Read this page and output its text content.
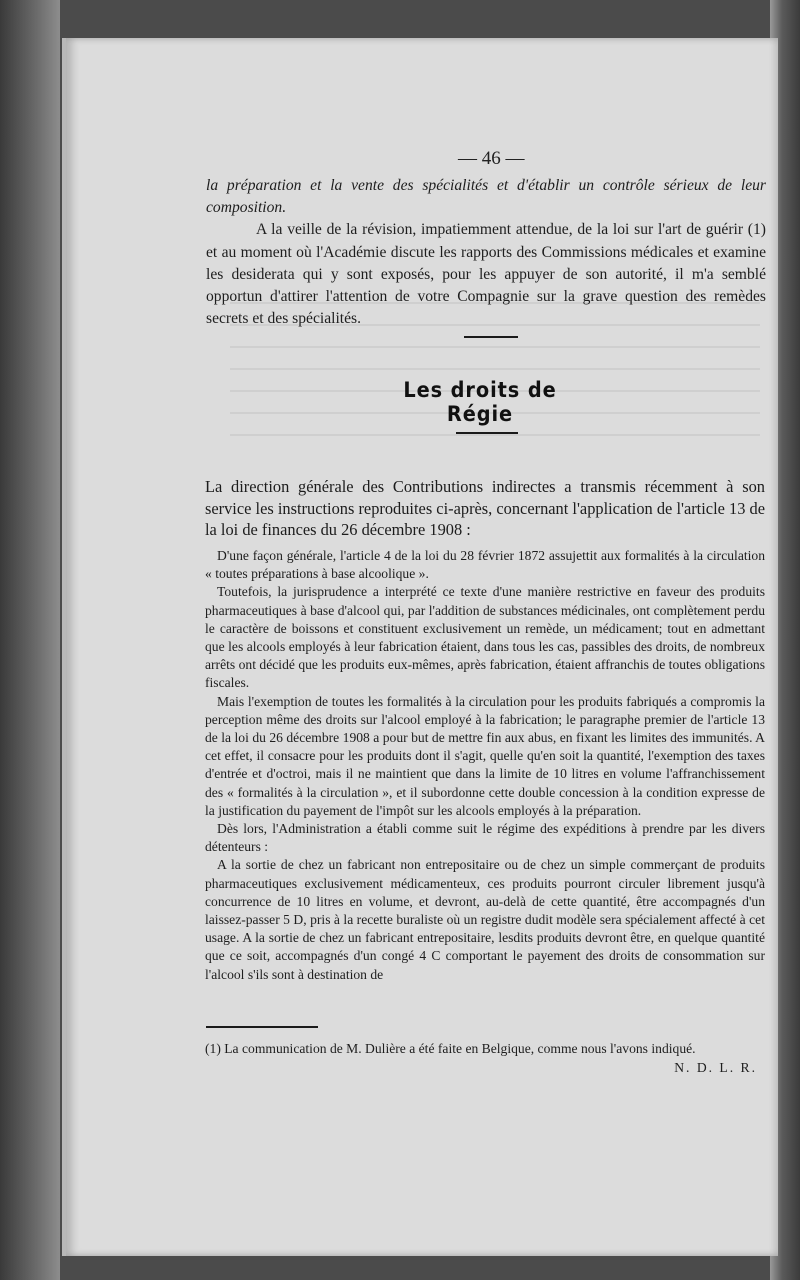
— 46 —

la préparation et la vente des spécialités et d'établir un contrôle sérieux de leur composition.

A la veille de la révision, impatiemment attendue, de la loi sur l'art de guérir (1) et au moment où l'Académie discute les rapports des Commissions médicales et examine les desiderata qui y sont exposés, pour les appuyer de son autorité, il m'a semblé opportun d'attirer l'attention de votre Compagnie sur la grave question des remèdes secrets et des spécialités.

Les droits de Régie
La direction générale des Contributions indirectes a transmis récemment à son service les instructions reproduites ci-après, concernant l'application de l'article 13 de la loi de finances du 26 décembre 1908 :

D'une façon générale, l'article 4 de la loi du 28 février 1872 assujettit aux formalités à la circulation « toutes préparations à base alcoolique ».

Toutefois, la jurisprudence a interprété ce texte d'une manière restrictive en faveur des produits pharmaceutiques à base d'alcool qui, par l'addition de substances médicinales, ont complètement perdu le caractère de boissons et constituent exclusivement un remède, un médicament; tout en admettant que les alcools employés à leur fabrication étaient, dans tous les cas, passibles des droits, de nombreux arrêts ont décidé que les produits eux-mêmes, après fabrication, étaient affranchis de toutes obligations fiscales.

Mais l'exemption de toutes les formalités à la circulation pour les produits fabriqués a compromis la perception même des droits sur l'alcool employé à la fabrication; le paragraphe premier de l'article 13 de la loi du 26 décembre 1908 a pour but de mettre fin aux abus, en fixant les limites des immunités. A cet effet, il consacre pour les produits dont il s'agit, quelle qu'en soit la quantité, l'exemption des taxes d'entrée et d'octroi, mais il ne maintient que dans la limite de 10 litres en volume l'affranchissement des « formalités à la circulation », et il subordonne cette double concession à la condition expresse de la justification du payement de l'impôt sur les alcools employés à la préparation.

Dès lors, l'Administration a établi comme suit le régime des expéditions à prendre par les divers détenteurs :

A la sortie de chez un fabricant non entrepositaire ou de chez un simple commerçant de produits pharmaceutiques exclusivement médicamenteux, ces produits pourront circuler librement jusqu'à concurrence de 10 litres en volume, et devront, au-delà de cette quantité, être accompagnés d'un laissez-passer 5 D, pris à la recette buraliste où un registre dudit modèle sera spécialement affecté à cet usage. A la sortie de chez un fabricant entrepositaire, lesdits produits devront être, en quelque quantité que ce soit, accompagnés d'un congé 4 C comportant le payement des droits de consommation sur l'alcool s'ils sont à destination de

(1) La communication de M. Dulière a été faite en Belgique, comme nous l'avons indiqué.

N. D. L. R.
